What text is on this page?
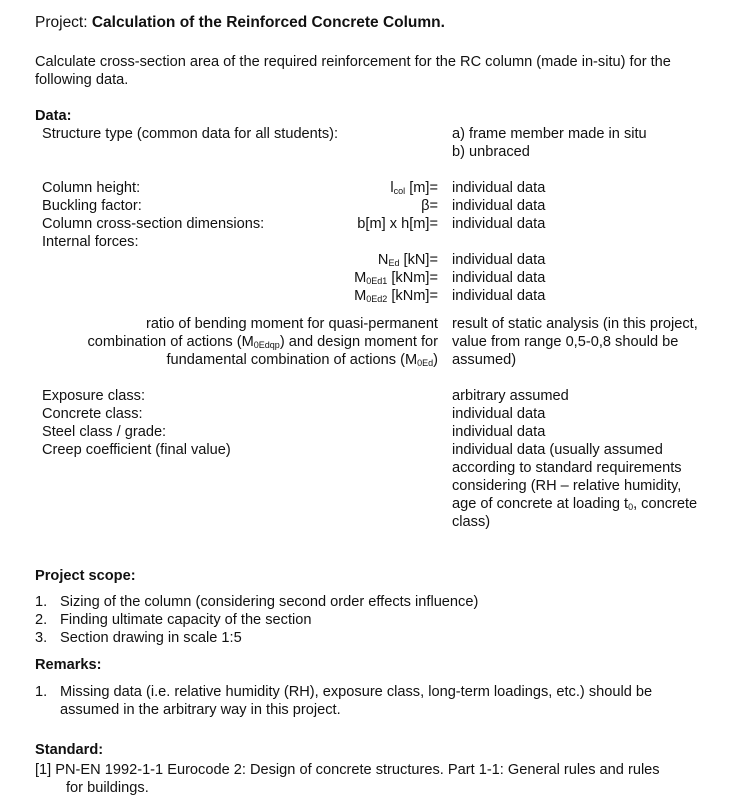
Project: Calculation of the Reinforced Concrete Column.
Calculate cross-section area of the required reinforcement for the RC column (made in-situ) for the following data.
Data:
Structure type (common data for all students):	a) frame member made in situ
b) unbraced
Column height:	$l_{col}$ [m]= individual data
Buckling factor:	β= individual data
Column cross-section dimensions:	b[m] x h[m]= individual data
Internal forces:
$N_{Ed}$ [kN]= individual data
$M_{0Ed1}$ [kNm]= individual data
$M_{0Ed2}$ [kNm]= individual data
ratio of bending moment for quasi-permanent
combination of actions $(M_{0Edqp})$ and design moment for
fundamental combination of actions $(M_{0Ed})$
result of static analysis (in this project, value from range 0,5-0,8 should be assumed)
Exposure class:	arbitrary assumed
Concrete class:	individual data
Steel class / grade:	individual data
Creep coefficient (final value)	individual data (usually assumed according to standard requirements considering (RH – relative humidity, age of concrete at loading $t_0$, concrete class)
Project scope:
1. Sizing of the column (considering second order effects influence)
2. Finding ultimate capacity of the section
3. Section drawing in scale 1:5
Remarks:
1. Missing data (i.e. relative humidity (RH), exposure class, long-term loadings, etc.) should be assumed in the arbitrary way in this project.
Standard:
[1] PN-EN 1992-1-1 Eurocode 2: Design of concrete structures. Part 1-1: General rules and rules
for buildings.
